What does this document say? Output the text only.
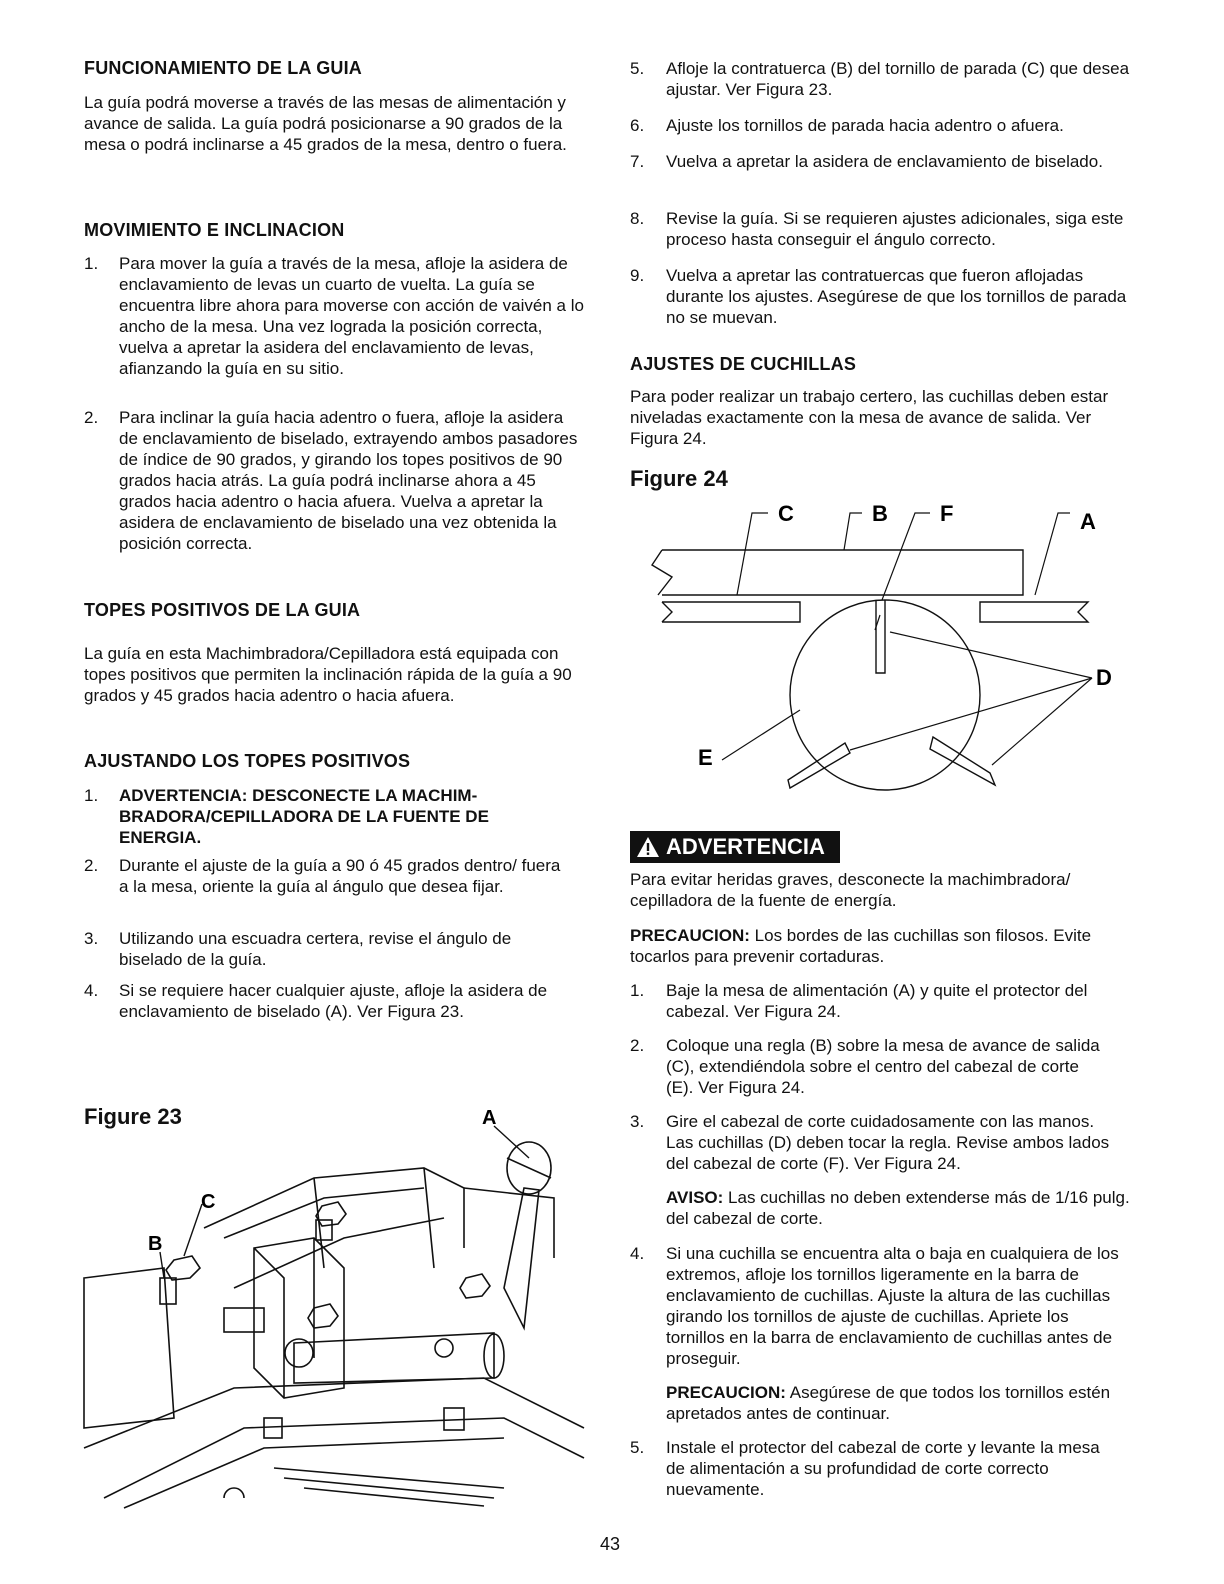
FUNCIONAMIENTO DE LA GUIA

La guía podrá moverse a través de las mesas de alimentación y avance de salida. La guía podrá posicionarse a 90 grados de la mesa o podrá inclinarse a 45 grados de la mesa, dentro o fuera.

MOVIMIENTO E INCLINACION
1. Para mover la guía a través de la mesa, afloje la asidera de enclavamiento de levas un cuarto de vuelta. La guía se encuentra libre ahora para moverse con acción de vaivén a lo ancho de la mesa. Una vez lograda la posición correcta, vuelva a apretar la asidera del enclavamiento de levas, afianzando la guía en su sitio.
2. Para inclinar la guía hacia adentro o fuera, afloje la asidera de enclavamiento de biselado, extrayendo ambos pasadores de índice de 90 grados, y girando los topes positivos de 90 grados hacia atrás. La guía podrá inclinarse ahora a 45 grados hacia adentro o hacia afuera. Vuelva a apretar la asidera de enclavamiento de biselado una vez obtenida la posición correcta.
TOPES POSITIVOS DE LA GUIA

La guía en esta Machimbradora/Cepilladora está equipada con topes positivos que permiten la inclinación rápida de la guía a 90 grados y 45 grados hacia adentro o hacia afuera.

AJUSTANDO LOS TOPES POSITIVOS
1. ADVERTENCIA: DESCONECTE LA MACHIM-BRADORA/CEPILLADORA DE LA FUENTE DE ENERGIA.
2. Durante el ajuste de la guía a 90 ó 45 grados dentro/ fuera a la mesa, oriente la guía al ángulo que desea fijar.
3. Utilizando una escuadra certera, revise el ángulo de biselado de la guía.
4. Si se requiere hacer cualquier ajuste, afloje la asidera de enclavamiento de biselado (A). Ver Figura 23.
Figure 23	A
C
B
5. Afloje la contratuerca (B) del tornillo de parada (C) que desea ajustar. Ver Figura 23.
6. Ajuste los tornillos de parada hacia adentro o afuera.
7. Vuelva a apretar la asidera de enclavamiento de biselado.
8. Revise la guía. Si se requieren ajustes adicionales, siga este proceso hasta conseguir el ángulo correcto.
9. Vuelva a apretar las contratuercas que fueron aflojadas durante los ajustes. Asegúrese de que los tornillos de parada no se muevan.
AJUSTES DE CUCHILLAS

Para poder realizar un trabajo certero, las cuchillas deben estar niveladas exactamente con la mesa de avance de salida. Ver Figura 24.

Figure 24
C	B F	A
D
E
ADVERTENCIA

Para evitar heridas graves, desconecte la machimbradora/ cepilladora de la fuente de energía.

PRECAUCION: Los bordes de las cuchillas son filosos. Evite tocarlos para prevenir cortaduras.

1. Baje la mesa de alimentación (A) y quite el protector del cabezal. Ver Figura 24.
2. Coloque una regla (B) sobre la mesa de avance de salida (C), extendiéndola sobre el centro del cabezal de corte (E). Ver Figura 24.
3. Gire el cabezal de corte cuidadosamente con las manos. Las cuchillas (D) deben tocar la regla. Revise ambos lados del cabezal de corte (F). Ver Figura 24.

AVISO: Las cuchillas no deben extenderse más de 1/16 pulg. del cabezal de corte.

4. Si una cuchilla se encuentra alta o baja en cualquiera de los extremos, afloje los tornillos ligeramente en la barra de enclavamiento de cuchillas. Ajuste la altura de las cuchillas girando los tornillos de ajuste de cuchillas. Apriete los tornillos en la barra de enclavamiento de cuchillas antes de proseguir.

PRECAUCION: Asegúrese de que todos los tornillos estén apretados antes de continuar.

5. Instale el protector del cabezal de corte y levante la mesa de alimentación a su profundidad de corte correcto nuevamente.
43
